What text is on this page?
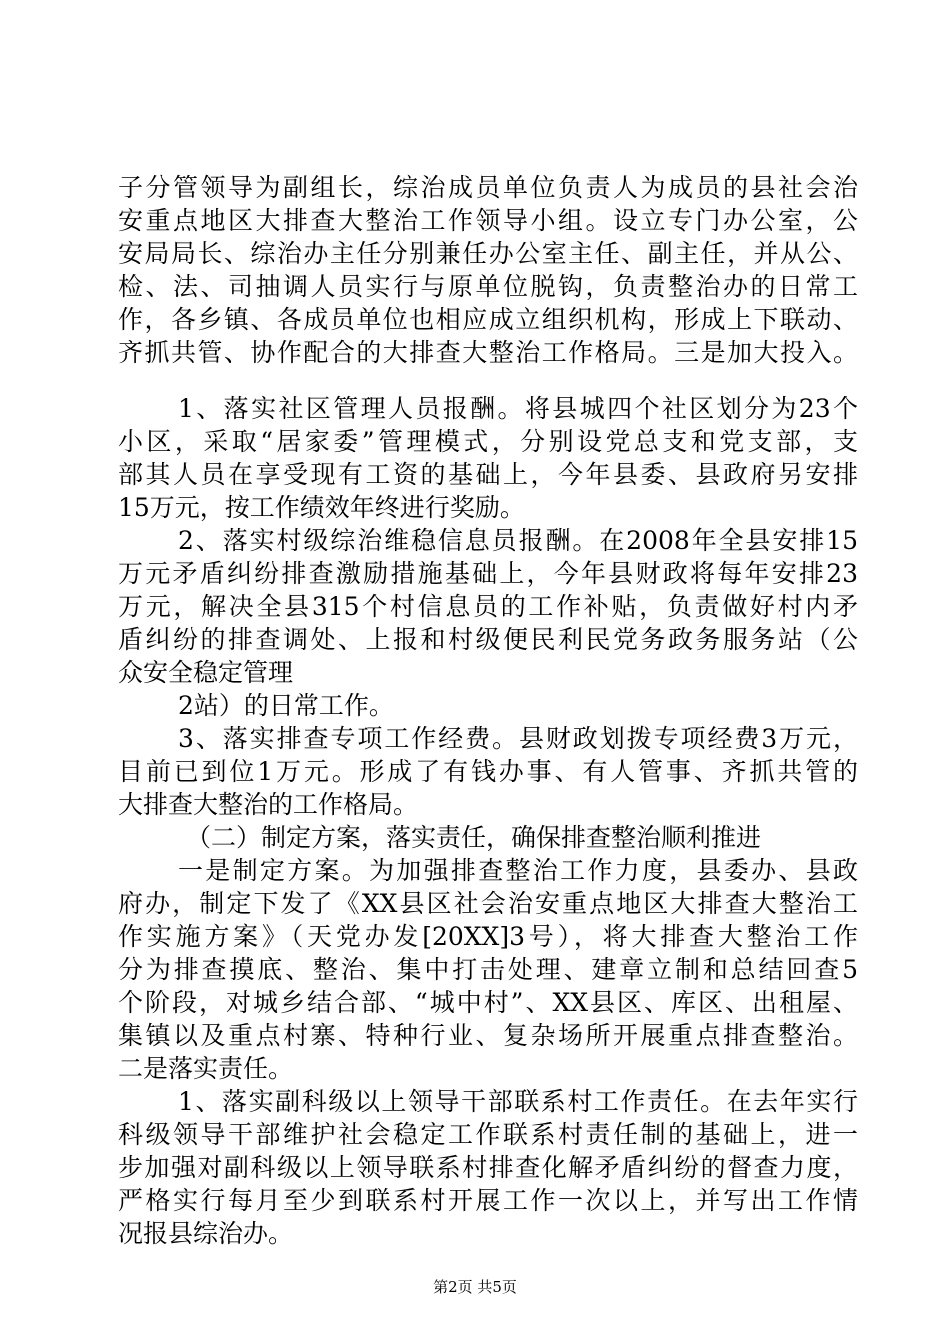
子分管领导为副组长，综治成员单位负责人为成员的县社会治
安重点地区大排查大整治工作领导小组。设立专门办公室，公
安局局长、综治办主任分别兼任办公室主任、副主任，并从公、
检、法、司抽调人员实行与原单位脱钩，负责整治办的日常工
作，各乡镇、各成员单位也相应成立组织机构，形成上下联动、
齐抓共管、协作配合的大排查大整治工作格局。三是加大投入。
1、落实社区管理人员报酬。将县城四个社区划分为23个
小区，采取“居家委”管理模式，分别设党总支和党支部，支
部其人员在享受现有工资的基础上，今年县委、县政府另安排
15万元，按工作绩效年终进行奖励。
2、落实村级综治维稳信息员报酬。在2008年全县安排15
万元矛盾纠纷排查激励措施基础上，今年县财政将每年安排23
万元，解决全县315个村信息员的工作补贴，负责做好村内矛
盾纠纷的排查调处、上报和村级便民利民党务政务服务站（公
众安全稳定管理
2站）的日常工作。
3、落实排查专项工作经费。县财政划拨专项经费3万元，
目前已到位1万元。形成了有钱办事、有人管事、齐抓共管的
大排查大整治的工作格局。
（二）制定方案，落实责任，确保排查整治顺利推进
一是制定方案。为加强排查整治工作力度，县委办、县政
府办，制定下发了《XX县区社会治安重点地区大排查大整治工
作实施方案》（天党办发[20XX]3号），将大排查大整治工作
分为排查摸底、整治、集中打击处理、建章立制和总结回查5
个阶段，对城乡结合部、“城中村”、XX县区、库区、出租屋、
集镇以及重点村寨、特种行业、复杂场所开展重点排查整治。
二是落实责任。
1、落实副科级以上领导干部联系村工作责任。在去年实行
科级领导干部维护社会稳定工作联系村责任制的基础上，进一
步加强对副科级以上领导联系村排查化解矛盾纠纷的督查力度，
严格实行每月至少到联系村开展工作一次以上，并写出工作情
况报县综治办。
第2页 共5页
